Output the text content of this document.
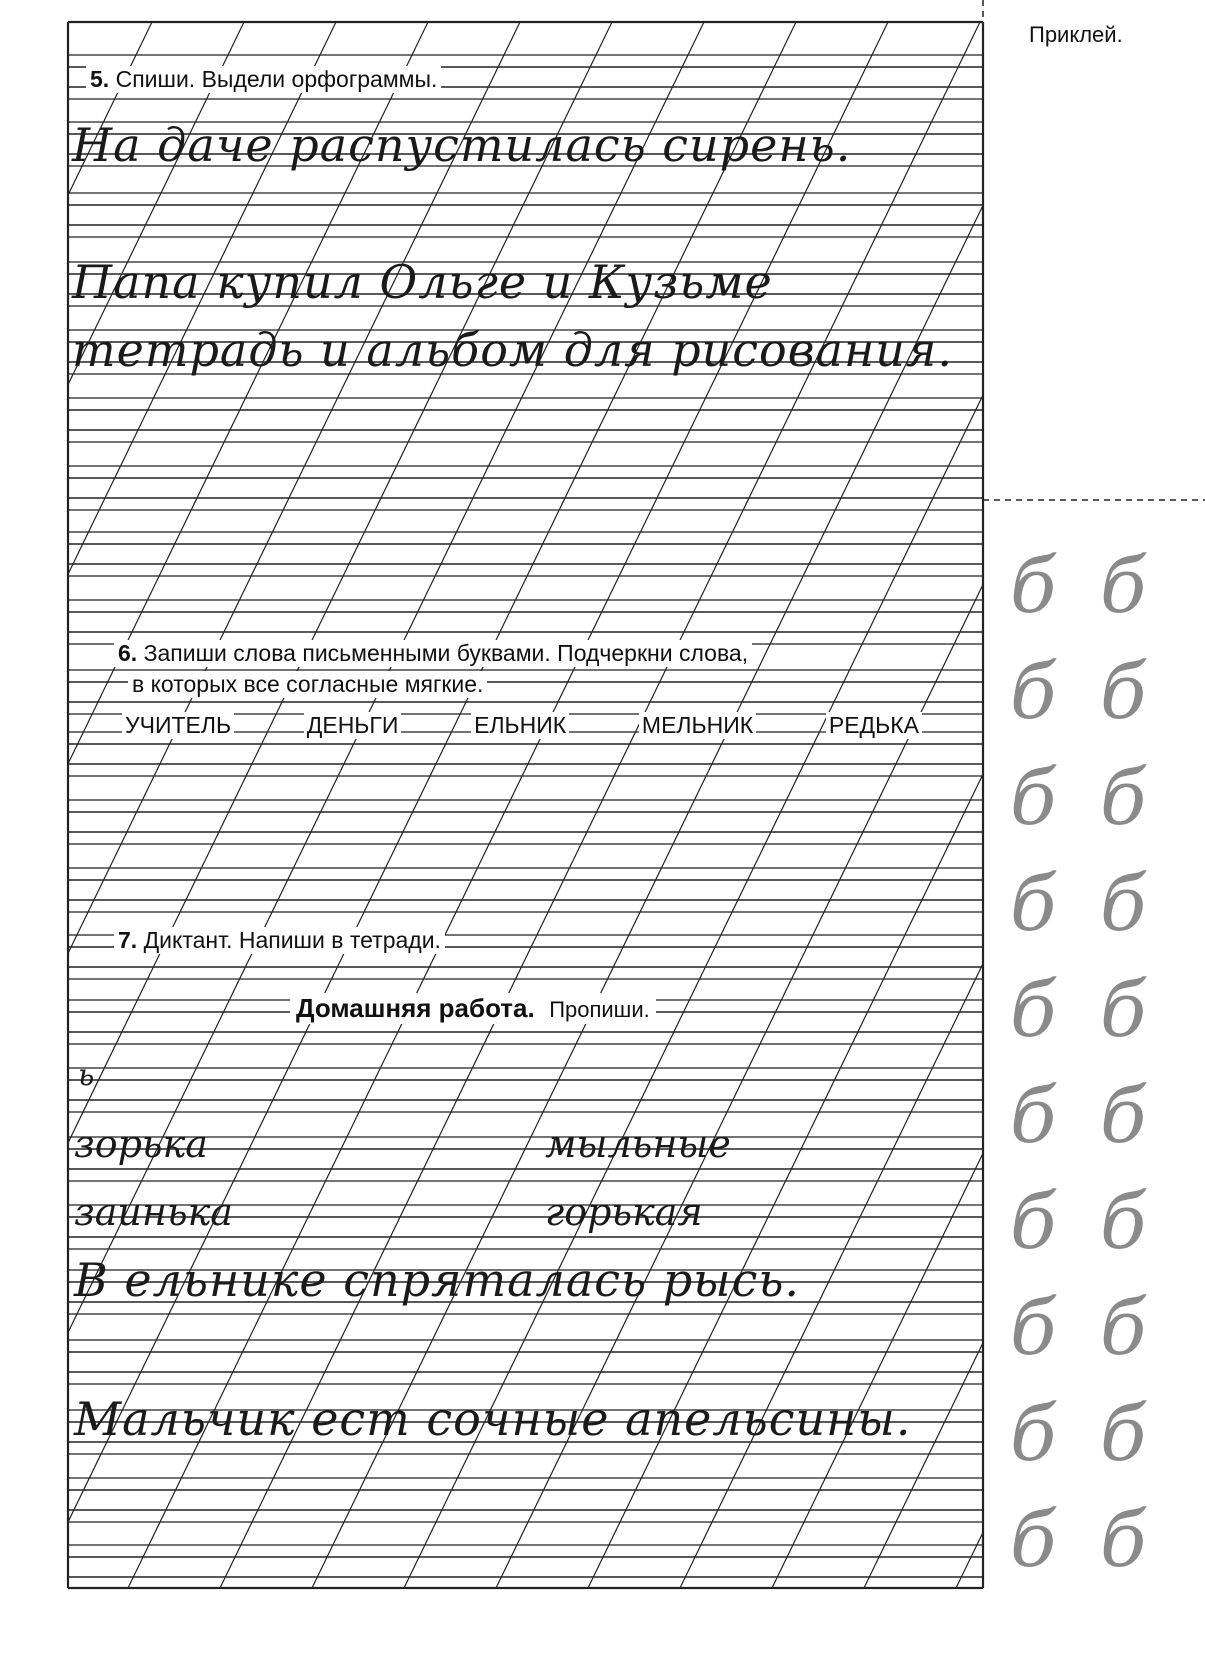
Приклей.
5. Спиши. Выдели орфограммы.
На даче распустилась сирень.
Папа купил Ольге и Кузьме
тетрадь и альбом для рисования.
6. Запиши слова письменными буквами. Подчеркни слова,
в которых все согласные мягкие.
УЧИТЕЛЬ	ДЕНЬГИ	ЕЛЬНИК	МЕЛЬНИК	РЕДЬКА
7. Диктант. Напиши в тетради.
Домашняя работа. Пропиши.
ь
зорька	мыльные
заинька	горькая
В ельнике спряталась рысь.
Мальчик ест сочные апельсины.
б б
б б
б б
б б
б б
б б
б б
б б
б б
б б
